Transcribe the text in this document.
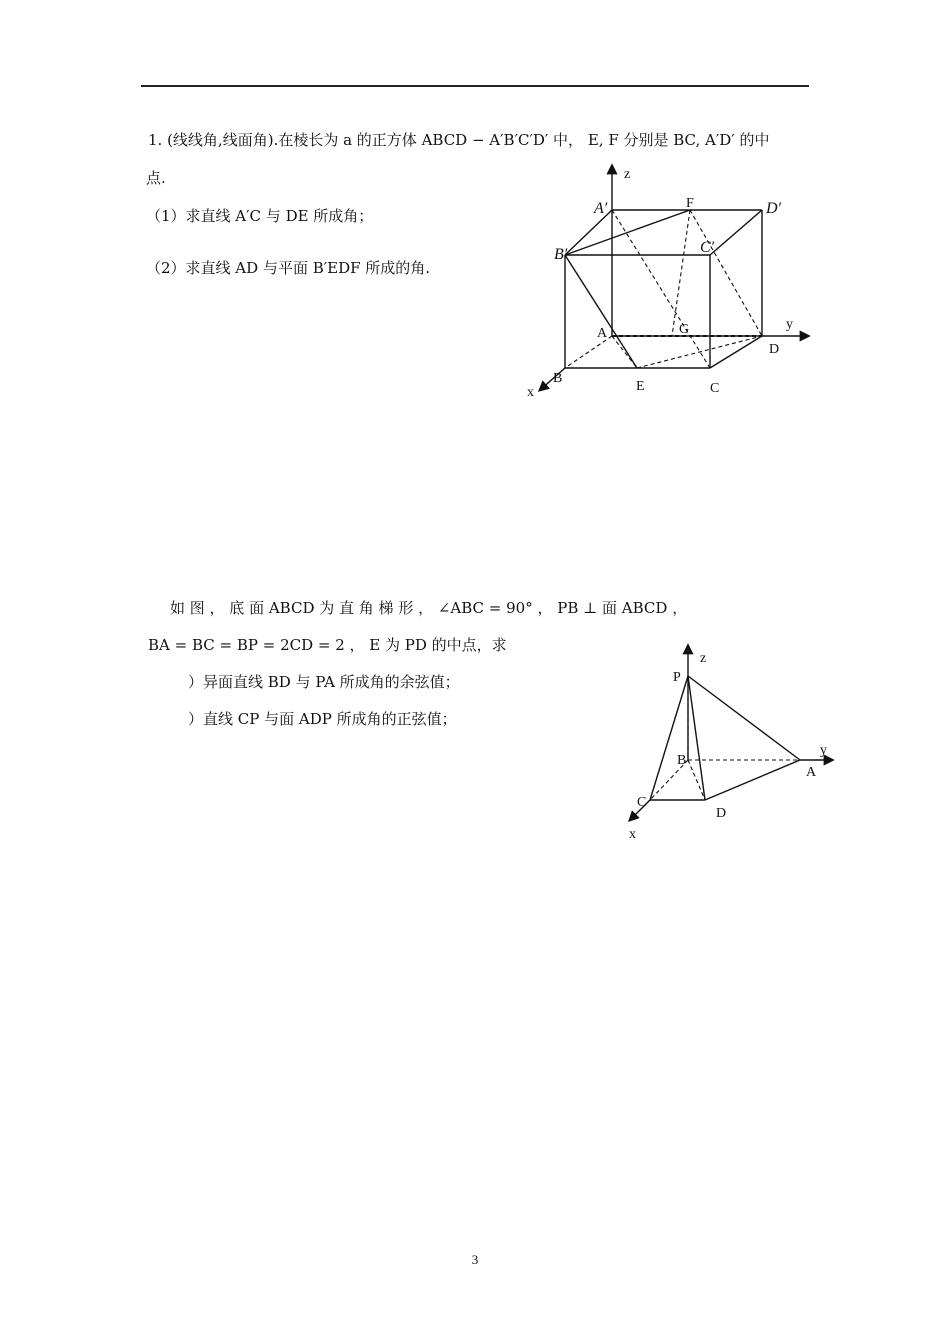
1. (线线角,线面角).在棱长为 a 的正方体 ABCD − A′B′C′D′ 中， E, F 分别是 BC, A′D′ 的中
点.
（1）求直线 A′C 与 DE 所成角；
（2）求直线 AD 与平面 B′EDF 所成的角.
z
y
x
A′	F	D′
B′	C′
A	G
D
B
E	C
如 图 ， 底 面 ABCD 为 直 角 梯 形 ， ∠ABC = 90° ， PB ⊥ 面 ABCD ，
BA = BC = BP = 2CD = 2 ， E 为 PD 的中点，求
）异面直线 BD 与 PA 所成角的余弦值；
）直线 CP 与面 ADP 所成角的正弦值；
z
y
x
P
B
A
C
D
3
